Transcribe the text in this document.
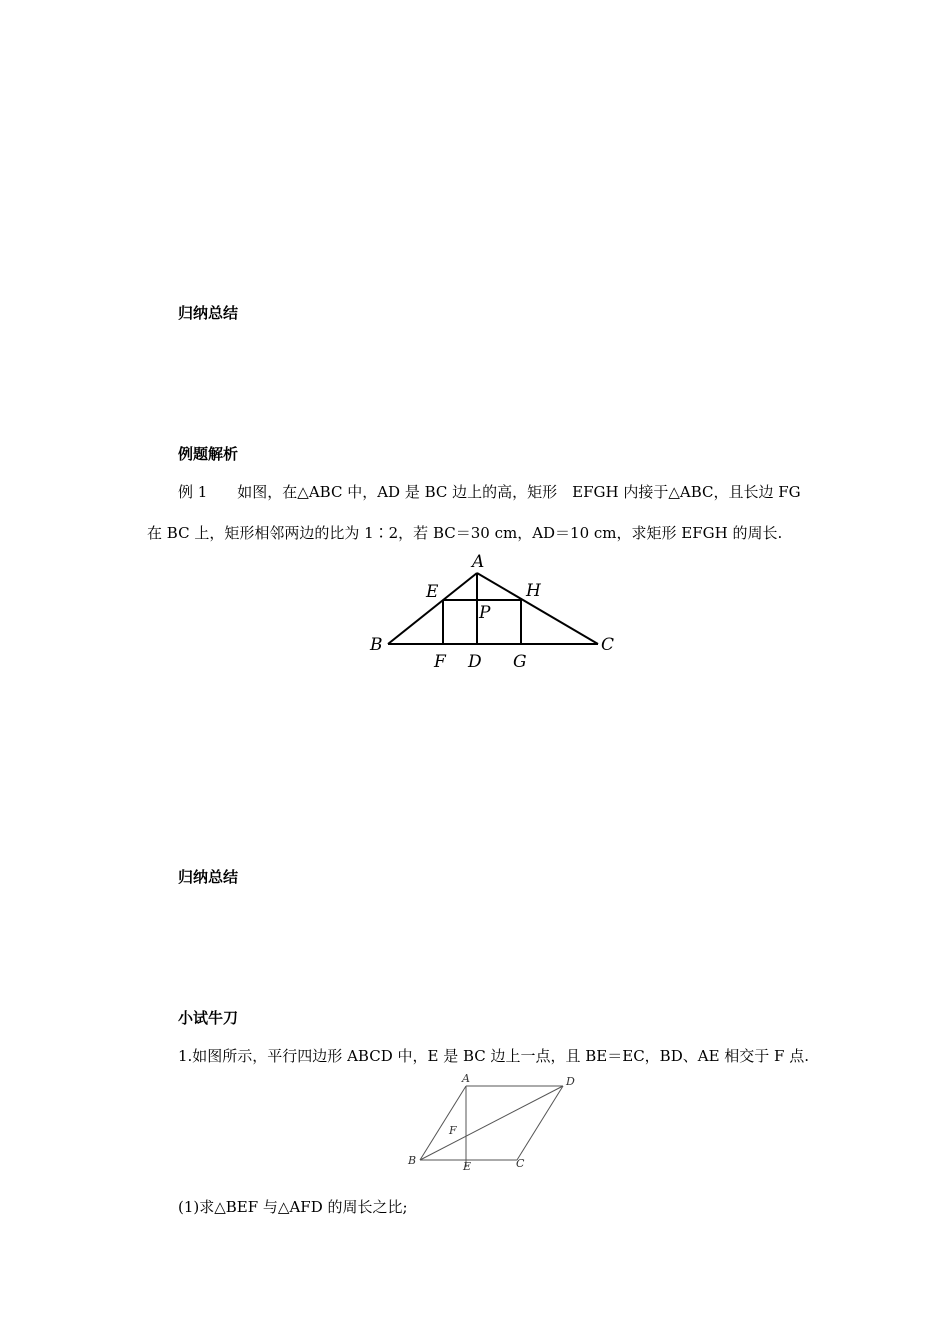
归纳总结
例题解析
例 1　　如图，在△ABC 中，AD 是 BC 边上的高，矩形　EFGH 内接于△ABC，且长边 FG
在 BC 上，矩形相邻两边的比为 1∶2，若 BC＝30 cm，AD＝10 cm，求矩形 EFGH 的周长.
A
E	H
P
B	C
F D G
归纳总结
小试牛刀
1.如图所示，平行四边形 ABCD 中，E 是 BC 边上一点，且 BE＝EC，BD、AE 相交于 F 点.
A	D
F
B	E	C
(1)求△BEF 与△AFD 的周长之比;
